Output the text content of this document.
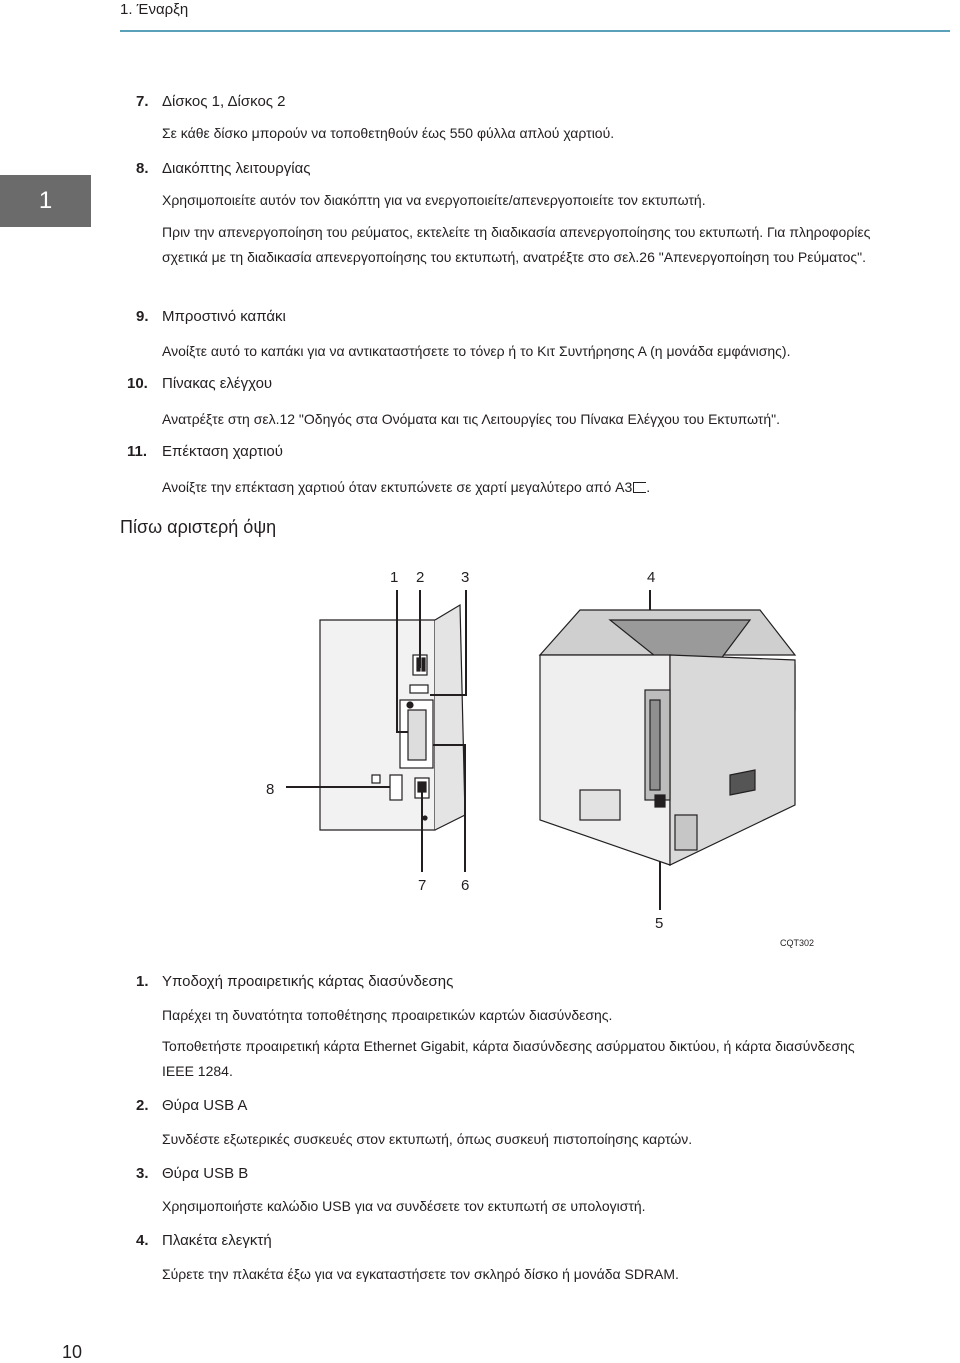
1. Έναρξη
1
7. Δίσκος 1, Δίσκος 2
Σε κάθε δίσκο μπορούν να τοποθετηθούν έως 550 φύλλα απλού χαρτιού.
8. Διακόπτης λειτουργίας
Χρησιμοποιείτε αυτόν τον διακόπτη για να ενεργοποιείτε/απενεργοποιείτε τον εκτυπωτή.
Πριν την απενεργοποίηση του ρεύματος, εκτελείτε τη διαδικασία απενεργοποίησης του εκτυπωτή. Για πληροφορίες σχετικά με τη διαδικασία απενεργοποίησης του εκτυπωτή, ανατρέξτε στο σελ.26 "Απενεργοποίηση του Ρεύματος".
9. Μπροστινό καπάκι
Ανοίξτε αυτό το καπάκι για να αντικαταστήσετε το τόνερ ή το Κιτ Συντήρησης Α (η μονάδα εμφάνισης).
10. Πίνακας ελέγχου
Ανατρέξτε στη σελ.12 "Οδηγός στα Ονόματα και τις Λειτουργίες του Πίνακα Ελέγχου του Εκτυπωτή".
11. Επέκταση χαρτιού
Ανοίξτε την επέκταση χαρτιού όταν εκτυπώνετε σε χαρτί μεγαλύτερο από A3 .
Πίσω αριστερή όψη
1 2 3	4
8
7 6
5
CQT302
1. Υποδοχή προαιρετικής κάρτας διασύνδεσης
Παρέχει τη δυνατότητα τοποθέτησης προαιρετικών καρτών διασύνδεσης.
Τοποθετήστε προαιρετική κάρτα Ethernet Gigabit, κάρτα διασύνδεσης ασύρματου δικτύου, ή κάρτα διασύνδεσης IEEE 1284.
2. Θύρα USB A
Συνδέστε εξωτερικές συσκευές στον εκτυπωτή, όπως συσκευή πιστοποίησης καρτών.
3. Θύρα USB B
Χρησιμοποιήστε καλώδιο USB για να συνδέσετε τον εκτυπωτή σε υπολογιστή.
4. Πλακέτα ελεγκτή
Σύρετε την πλακέτα έξω για να εγκαταστήσετε τον σκληρό δίσκο ή μονάδα SDRAM.
10
